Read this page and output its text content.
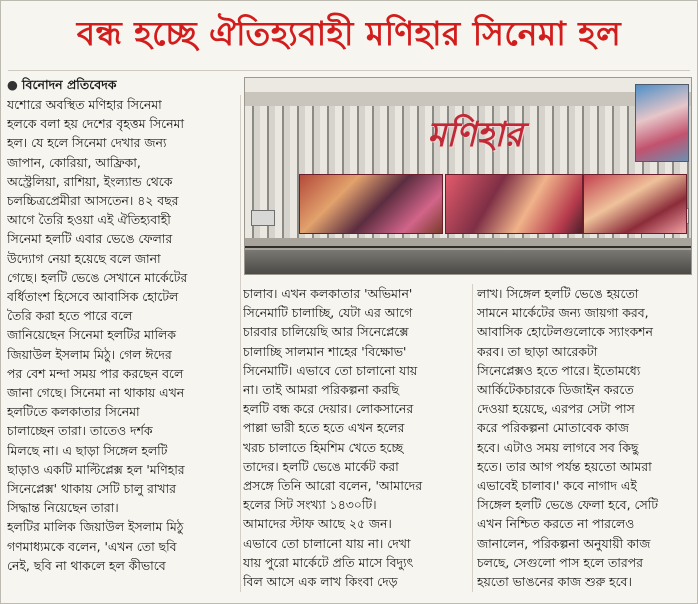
বন্ধ হচ্ছে ঐতিহ্যবাহী মণিহার সিনেমা হল
● বিনোদন প্রতিবেদক
মণিহার
যশোরে অবস্থিত মণিহার সিনেমা
হলকে বলা হয় দেশের বৃহত্তম সিনেমা
হল। যে হলে সিনেমা দেখার জন্য
জাপান, কোরিয়া, আফ্রিকা,
অস্ট্রেলিয়া, রাশিয়া, ইংল্যান্ড থেকে
চলচ্চিত্রপ্রেমীরা আসতেন। ৪২ বছর
আগে তৈরি হওয়া এই ঐতিহ্যবাহী
সিনেমা হলটি এবার ভেঙে ফেলার
উদ্যোগ নেয়া হয়েছে বলে জানা
গেছে। হলটি ভেঙে সেখানে মার্কেটের
বর্ধিতাংশ হিসেবে আবাসিক হোটেল
তৈরি করা হতে পারে বলে
জানিয়েছেন সিনেমা হলটির মালিক
জিয়াউল ইসলাম মিঠু। গেল ঈদের
পর বেশ মন্দা সময় পার করছেন বলে
জানা গেছে। সিনেমা না থাকায় এখন
হলটিতে কলকাতার সিনেমা
চালাচ্ছেন তারা। তাতেও দর্শক
মিলছে না। এ ছাড়া সিঙ্গেল হলটি
ছাড়াও একটি মাল্টিপ্লেক্স হল 'মণিহার
সিনেপ্লেক্স' থাকায় সেটি চালু রাখার
সিদ্ধান্ত নিয়েছেন তারা।
হলটির মালিক জিয়াউল ইসলাম মিঠু
গণমাধ্যমকে বলেন, 'এখন তো ছবি
নেই, ছবি না থাকলে হল কীভাবে
চালাব। এখন কলকাতার 'অভিমান'
সিনেমাটি চালাচ্ছি, যেটা এর আগে
চারবার চালিয়েছি আর সিনেপ্লেক্সে
চালাচ্ছি সালমান শাহের 'বিক্ষোভ'
সিনেমাটি। এভাবে তো চালানো যায়
না। তাই আমরা পরিকল্পনা করছি
হলটি বন্ধ করে দেয়ার। লোকসানের
পাল্লা ভারী হতে হতে এখন হলের
খরচ চালাতে হিমশিম খেতে হচ্ছে
তাদের। হলটি ভেঙে মার্কেট করা
প্রসঙ্গে তিনি আরো বলেন, 'আমাদের
হলের সিট সংখ্যা ১৪৩০টি।
আমাদের স্টাফ আছে ২৫ জন।
এভাবে তো চালানো যায় না। দেখা
যায় পুরো মার্কেটে প্রতি মাসে বিদ্যুৎ
বিল আসে এক লাখ কিংবা দেড়
লাখ। সিঙ্গেল হলটি ভেঙে হয়তো
সামনে মার্কেটের জন্য জায়গা করব,
আবাসিক হোটেলগুলোকে স্যাংকশন
করব। তা ছাড়া আরেকটা
সিনেপ্লেক্সও হতে পারে। ইতোমধ্যে
আর্কিটেকচারকে ডিজাইন করতে
দেওয়া হয়েছে, এরপর সেটা পাস
করে পরিকল্পনা মোতাবেক কাজ
হবে। এটাও সময় লাগবে সব কিছু
হতে। তার আগ পর্যন্ত হয়তো আমরা
এভাবেই চালাব।' কবে নাগাদ এই
সিঙ্গেল হলটি ভেঙে ফেলা হবে, সেটি
এখন নিশ্চিত করতে না পারলেও
জানালেন, পরিকল্পনা অনুযায়ী কাজ
চলছে, সেগুলো পাস হলে তারপর
হয়তো ভাঙনের কাজ শুরু হবে।
